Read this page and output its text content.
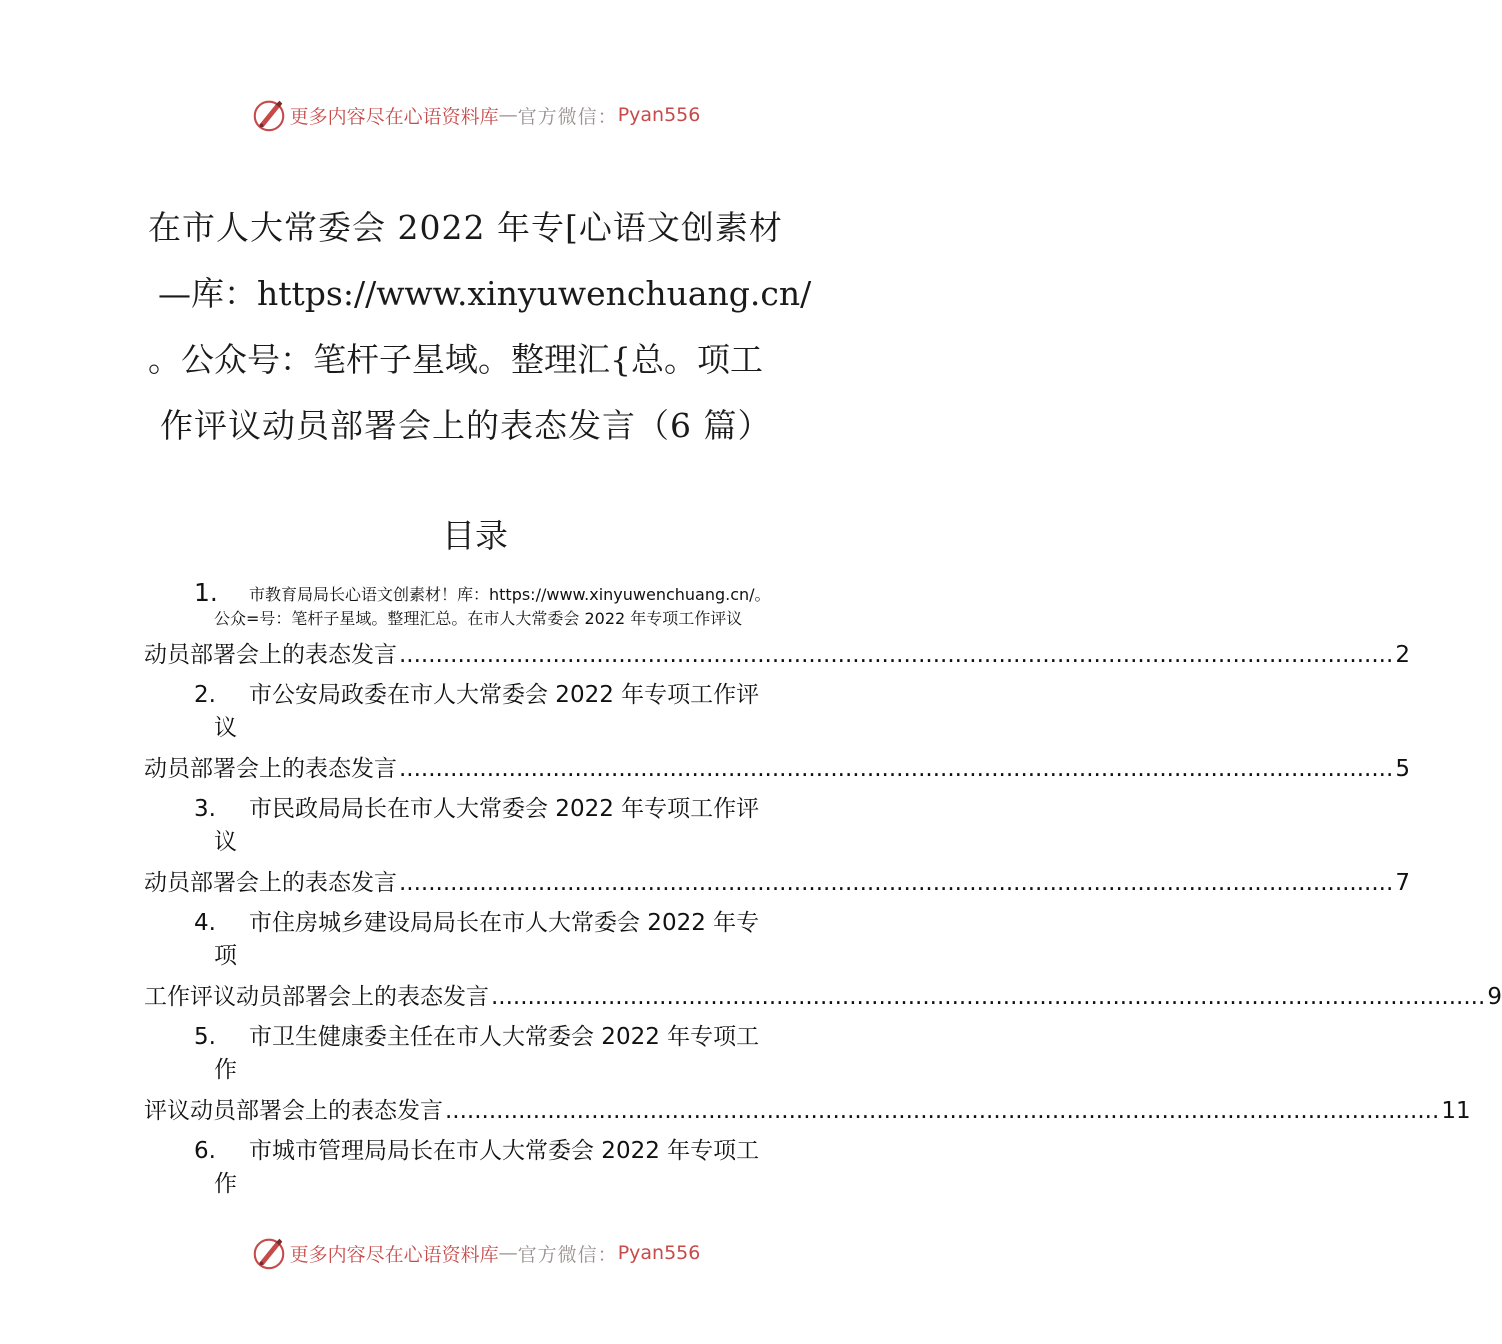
更多内容尽在心语资料库 — 官方微信： Pyan556
在市人大常委会 2022 年专[心语文创素材
—库：https://www.xinyuwenchuang.cn/
。公众号：笔杆子星域。整理汇{总。项工
作评议动员部署会上的表态发言（6 篇）
目录
1. 市教育局局长心语文创素材！库：https://www.xinyuwenchuang.cn/。
公众=号：笔杆子星域。整理汇总。在市人大常委会 2022 年专项工作评议
动员部署会上的表态发言 ........................................................................................................................................ 2
2. 市公安局政委在市人大常委会 2022 年专项工作评
议
动员部署会上的表态发言 ........................................................................................................................................ 5
3. 市民政局局长在市人大常委会 2022 年专项工作评
议
动员部署会上的表态发言 ........................................................................................................................................ 7
4. 市住房城乡建设局局长在市人大常委会 2022 年专
项
工作评议动员部署会上的表态发言 ........................................................................................................................................ 9
5. 市卫生健康委主任在市人大常委会 2022 年专项工
作
评议动员部署会上的表态发言 ........................................................................................................................................ 11
6. 市城市管理局局长在市人大常委会 2022 年专项工
作
更多内容尽在心语资料库 — 官方微信： Pyan556
